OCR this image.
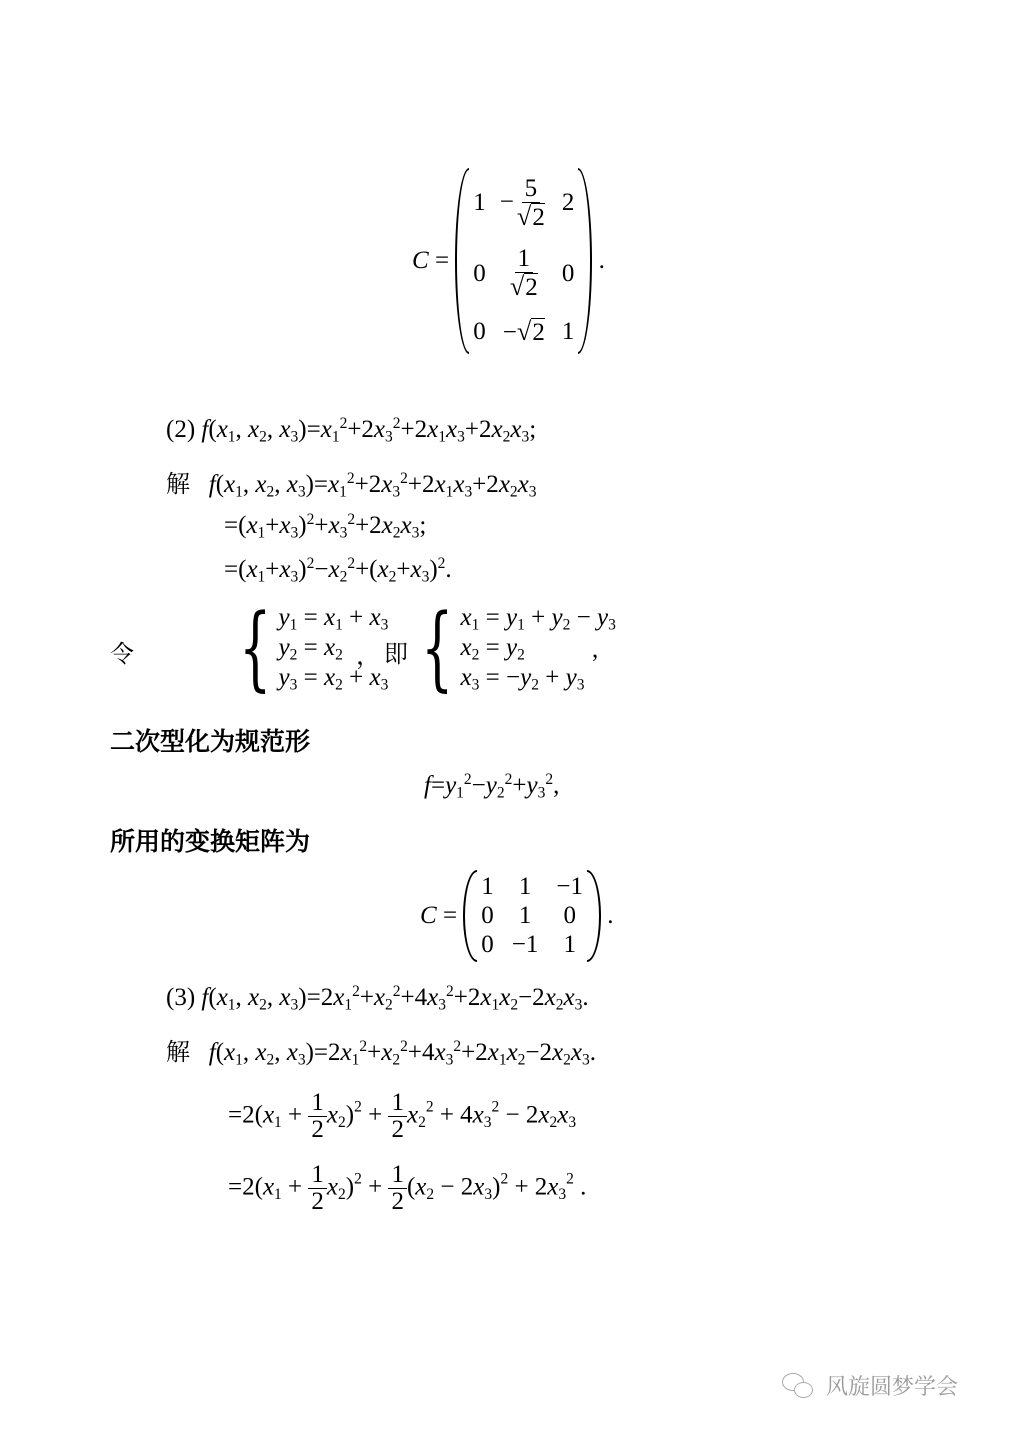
C =
$1 - \frac{5}{√2} 2$
$0 \frac{1}{√2} 0$
0 −√2 1
.
(2) $f(x_1$, $x_2$, $x_3)=x_1^2+2x_3^2+2x_1x_3+2x_2x_3$;
解 $f(x_1$, $x_2$, $x_3)=x_1^2+2x_3^2+2x_1x_3+2x_2x_3$
$=(x_1+x_3)^2+x_3^2+2x_2x_3$;
$=(x_1+x_3)^2-x_2^2+(x_2+x_3)^2$.
令 { $y_1 = x_1 + x_3$
$y_2 = x_2$
$y_3 = x_2 + x_3$
， 即 { $x_1 = y_1 + y_2 - y_3$
$x_2 = y_2$
$x_3 = -y_2 + y_3$
,
二次型化为规范形
$f=y_1^2-y_2^2+y_3^2$,
所用的变换矩阵为
C =
1 1 −1
0 1 0
0 −1 1
.
(3) $f(x_1$, $x_2$, $x_3)=2x_1^2+x_2^2+4x_3^2+2x_1x_2-2x_2x_3$.
解 $f(x_1$, $x_2$, $x_3)=2x_1^2+x_2^2+4x_3^2+2x_1x_2-2x_2x_3$.
$=2(x_1 + \frac{1}{2} x_2)^2 + \frac{1}{2} x_2^2 + 4x_3^2 - 2x_2x_3$
$=2(x_1 + \frac{1}{2} x_2)^2 + \frac{1}{2} (x_2 - 2x_3)^2 + 2x_3^2$ .
风旋圆梦学会
